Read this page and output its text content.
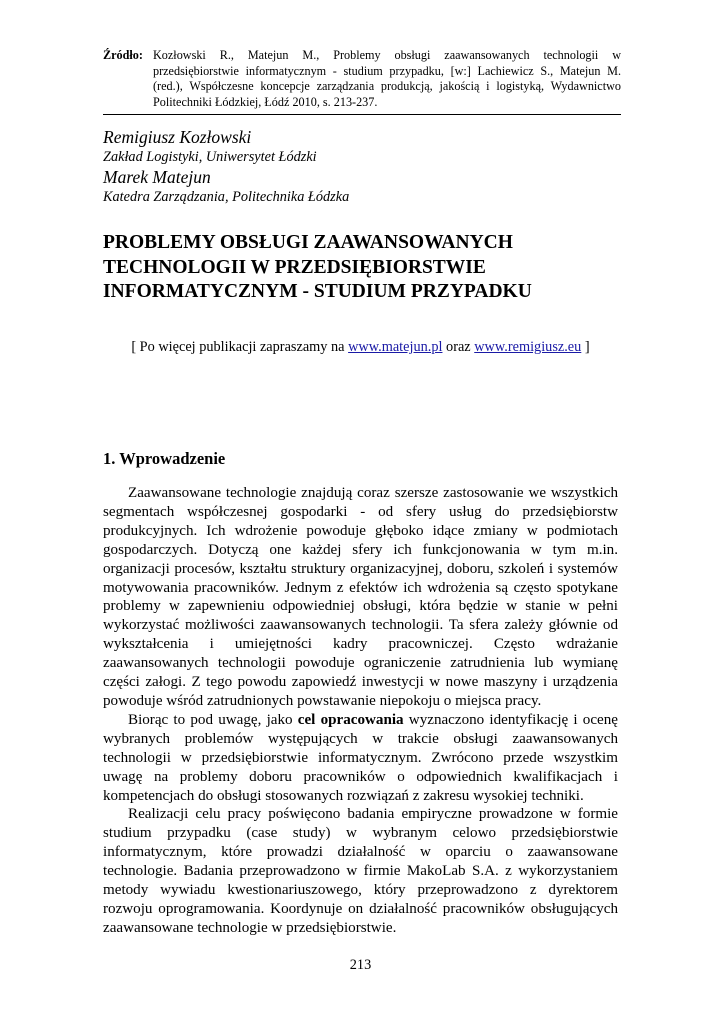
Źródło: Kozłowski R., Matejun M., Problemy obsługi zaawansowanych technologii w przedsiębiorstwie informatycznym - studium przypadku, [w:] Lachiewicz S., Matejun M. (red.), Współczesne koncepcje zarządzania produkcją, jakością i logistyką, Wydawnictwo Politechniki Łódzkiej, Łódź 2010, s. 213-237.
Remigiusz Kozłowski
Zakład Logistyki, Uniwersytet Łódzki
Marek Matejun
Katedra Zarządzania, Politechnika Łódzka
PROBLEMY OBSŁUGI ZAAWANSOWANYCH TECHNOLOGII W PRZEDSIĘBIORSTWIE INFORMATYCZNYM - STUDIUM PRZYPADKU
[ Po więcej publikacji zapraszamy na www.matejun.pl oraz www.remigiusz.eu ]
1. Wprowadzenie

Zaawansowane technologie znajdują coraz szersze zastosowanie we wszystkich segmentach współczesnej gospodarki - od sfery usług do przedsiębiorstw produkcyjnych. Ich wdrożenie powoduje głęboko idące zmiany w podmiotach gospodarczych. Dotyczą one każdej sfery ich funkcjonowania w tym m.in. organizacji procesów, kształtu struktury organizacyjnej, doboru, szkoleń i systemów motywowania pracowników. Jednym z efektów ich wdrożenia są często spotykane problemy w zapewnieniu odpowiedniej obsługi, która będzie w stanie w pełni wykorzystać możliwości zaawansowanych technologii. Ta sfera zależy głównie od wykształcenia i umiejętności kadry pracowniczej. Często wdrażanie zaawansowanych technologii powoduje ograniczenie zatrudnienia lub wymianę części załogi. Z tego powodu zapowiedź inwestycji w nowe maszyny i urządzenia powoduje wśród zatrudnionych powstawanie niepokoju o miejsca pracy.

Biorąc to pod uwagę, jako cel opracowania wyznaczono identyfikację i ocenę wybranych problemów występujących w trakcie obsługi zaawansowanych technologii w przedsiębiorstwie informatycznym. Zwrócono przede wszystkim uwagę na problemy doboru pracowników o odpowiednich kwalifikacjach i kompetencjach do obsługi stosowanych rozwiązań z zakresu wysokiej techniki.

Realizacji celu pracy poświęcono badania empiryczne prowadzone w formie studium przypadku (case study) w wybranym celowo przedsiębiorstwie informatycznym, które prowadzi działalność w oparciu o zaawansowane technologie. Badania przeprowadzono w firmie MakoLab S.A. z wykorzystaniem metody wywiadu kwestionariuszowego, który przeprowadzono z dyrektorem rozwoju oprogramowania. Koordynuje on działalność pracowników obsługujących zaawansowane technologie w przedsiębiorstwie.

213
